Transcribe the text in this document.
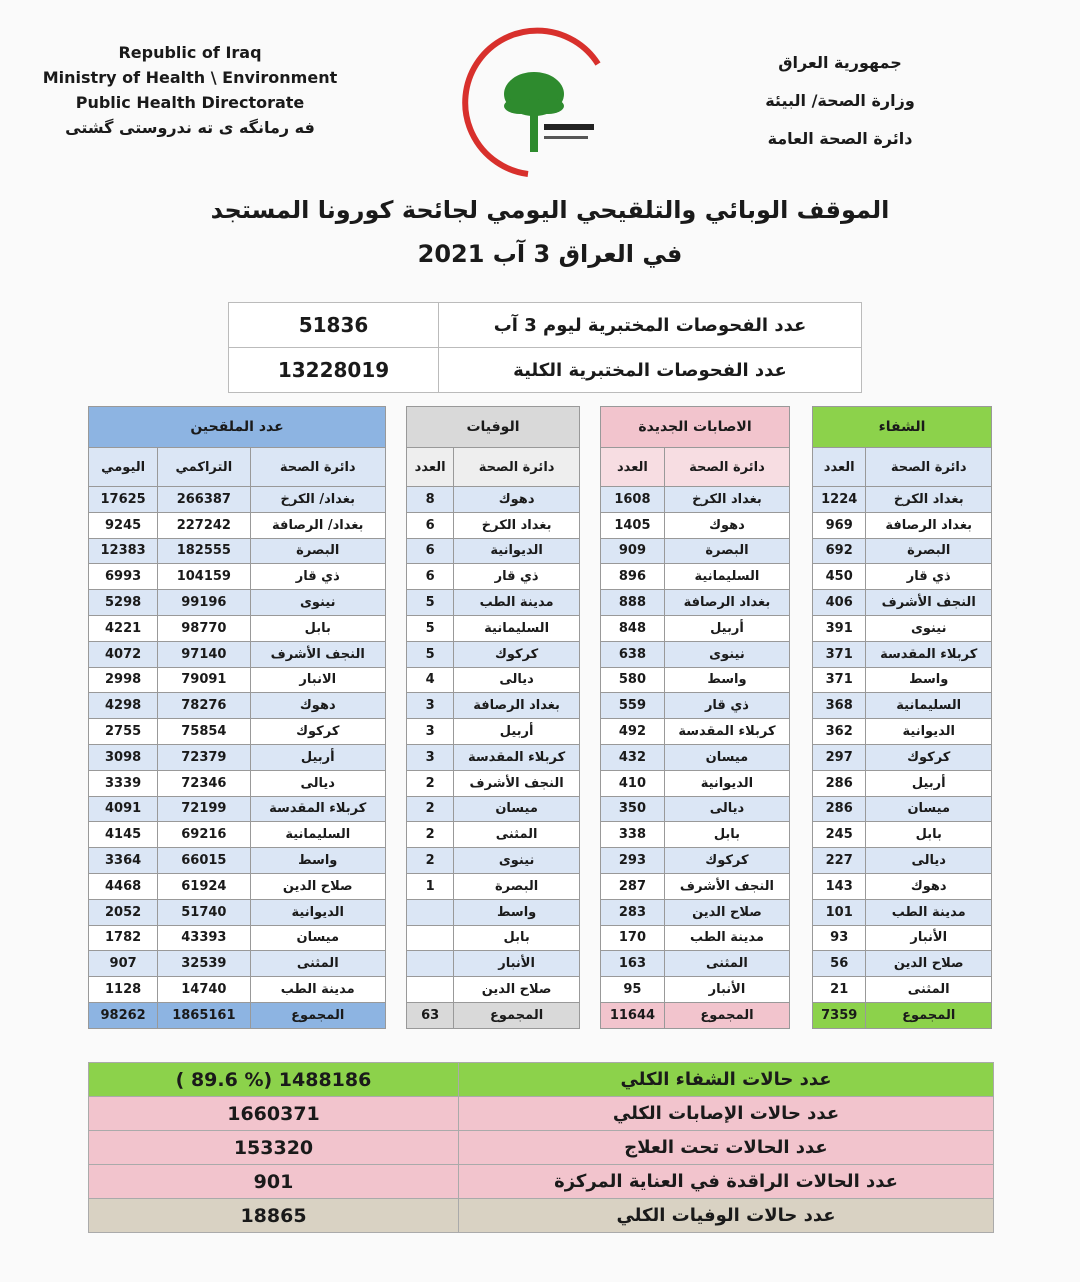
Republic of Iraq
Ministry of Health \ Environment
Public Health Directorate
فه رمانگه ى ته ندروستى گشتى
جمهورية العراق
وزارة الصحة/ البيئة
دائرة الصحة العامة
الموقف الوبائي والتلقيحي اليومي لجائحة كورونا المستجد
في العراق 3 آب 2021
51836	عدد الفحوصات المختبرية ليوم 3 آب
13228019	عدد الفحوصات المختبرية الكلية
عدد الملقحين		
اليومي	التراكمي	دائرة الصحة
17625	266387	بغداد/ الكرخ
9245	227242	بغداد/ الرصافة
12383	182555	البصرة
6993	104159	ذي قار
5298	99196	نينوى
4221	98770	بابل
4072	97140	النجف الأشرف
2998	79091	الانبار
4298	78276	دهوك
2755	75854	كركوك
3098	72379	أربيل
3339	72346	ديالى
4091	72199	كربلاء المقدسة
4145	69216	السليمانية
3364	66015	واسط
4468	61924	صلاح الدين
2052	51740	الديوانية
1782	43393	ميسان
907	32539	المثنى
1128	14740	مدينة الطب
98262	1865161	المجموع
الوفيات	
العدد	دائرة الصحة
8	دهوك
6	بغداد الكرخ
6	الديوانية
6	ذي قار
5	مدينة الطب
5	السليمانية
5	كركوك
4	ديالى
3	بغداد الرصافة
3	أربيل
3	كربلاء المقدسة
2	النجف الأشرف
2	ميسان
2	المثنى
2	نينوى
1	البصرة
	واسط
	بابل
	الأنبار
	صلاح الدين
63	المجموع
الاصابات الجديدة	
العدد	دائرة الصحة
1608	بغداد الكرخ
1405	دهوك
909	البصرة
896	السليمانية
888	بغداد الرصافة
848	أربيل
638	نينوى
580	واسط
559	ذي قار
492	كربلاء المقدسة
432	ميسان
410	الديوانية
350	ديالى
338	بابل
293	كركوك
287	النجف الأشرف
283	صلاح الدين
170	مدينة الطب
163	المثنى
95	الأنبار
11644	المجموع
الشفاء	
العدد	دائرة الصحة
1224	بغداد الكرخ
969	بغداد الرصافة
692	البصرة
450	ذي قار
406	النجف الأشرف
391	نينوى
371	كربلاء المقدسة
371	واسط
368	السليمانية
362	الديوانية
297	كركوك
286	أربيل
286	ميسان
245	بابل
227	ديالى
143	دهوك
101	مدينة الطب
93	الأنبار
56	صلاح الدين
21	المثنى
7359	المجموع
( 89.6 %) 1488186	عدد حالات الشفاء الكلي
1660371	عدد حالات الإصابات الكلي
153320	عدد الحالات تحت العلاج
901	عدد الحالات الراقدة في العناية المركزة
18865	عدد حالات الوفيات الكلي
